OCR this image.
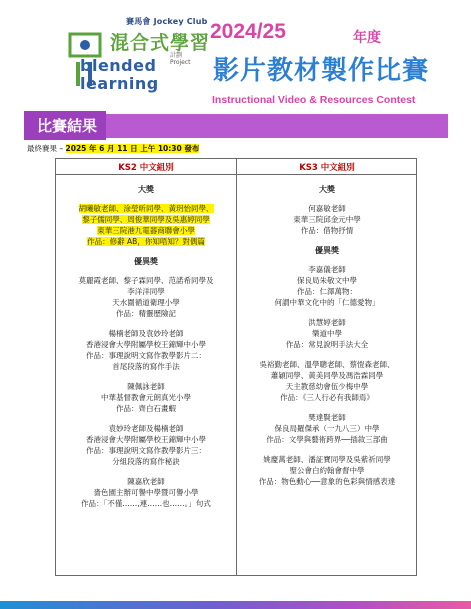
賽馬會 Jockey Club
混合式學習
計劃
Project
blended
learning
2024/25	年度
影片教材製作比賽
Instructional Video & Resources Contest
比賽結果
最終賽果 – 2025 年 6 月 11 日 上午 10:30 發布
KS2 中文組別	KS3 中文組別
大獎
胡曦敏老師、涂瑩昕同學、黃玥怡同學、
黎子儒同學、周俊華同學及吳惠婷同學
東華三院港九電器商聯會小學
作品：修辭 AB，你知唔知？對偶篇
優異獎
莫麗霞老師、黎子霖同學、范諾希同學及
李洋洋同學
天水圍循道衛理小學
作品：精靈歷險記
楊楠老師及袁妙玲老師
香港浸會大學附屬學校王錦輝中小學
作品：事理說明文寫作教學影片二：
首尾段落的寫作手法
陳佩詠老師
中華基督教會元朗真光小學
作品：齊白石畫蝦
袁妙玲老師及楊楠老師
香港浸會大學附屬學校王錦輝中小學
作品：事理說明文寫作教學影片三：
分組段落的寫作秘訣
陳嘉欣老師
嗇色園主辦可譽中學暨可譽小學
作品：「不僅……,連……也……。」句式
大獎
何嘉敏老師
東華三院邱金元中學
作品：借物抒情
優異獎
李嘉儀老師
保良局朱敬文中學
作品：仁澤萬物：
何謂中華文化中的「仁德愛物」
洪慧婷老師
樂道中學
作品：常見說明手法大全
吳裕勤老師、溫學聰老師、蔡愷森老師、
蕭穎同學、黃美同學及馮浩霖同學
天主教慈幼會伍少梅中學
作品：《三人行必有我師焉》
樊達賢老師
保良局羅傑承（一九八三）中學
作品：文學與藝術跨界──插敘三部曲
姚慶萬老師、潘証寶同學及吳紫祈同學
聖公會白約翰會督中學
作品：物色動心──意象的色彩與情感表達
